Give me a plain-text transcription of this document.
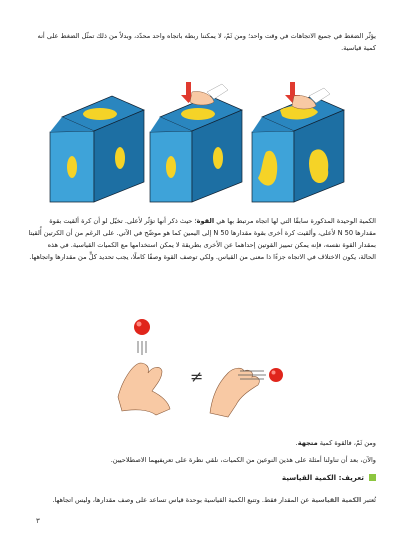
يؤثّر الضغط في جميع الاتجاهات في وقت واحد؛ ومن ثَمّ، لا يمكننا ربطه باتجاه واحد محدّد، وبدلاً من ذلك تمثّل الضغط على أنه كمية قياسية.

الكمية الوحيدة المذكورة سابقًا التي لها اتجاه مرتبط بها هي القوة؛ حيث ذكر أنها تؤثّر لأعلى. تخيّل لو أن كرة ألقيت بقوة مقدارها 50 N لأعلى، وألقيت كرة أخرى بقوة مقدارها 50 N إلى اليمين كما هو موضّح في الآتي. على الرغم من أن الكرتين أُلقيتا بمقدار القوة نفسه، فإنه يمكن تمييز القوتين إحداهما عن الأخرى بطريقة لا يمكن استخدامها مع الكميات القياسية. في هذه الحالة، يكون الاختلاف في الاتجاه جزءًا ذا معنى من القياس. ولكي توصف القوة وصفًا كاملًا، يجب تحديد كلٍّ من مقدارها واتجاهها.

≠

ومن ثَمّ، فالقوة كمية متجهة.

والآن، بعد أن تناولنا أمثلة على هذين النوعين من الكميات، نلقي نظرة على تعريفيهما الاصطلاحيين.

تعريف: الكمية القياسية

تُعتبر الكمية القياسية عن المقدار فقط. وتتبع الكمية القياسية بوحدة قياس تساعد على وصف مقدارها، وليس اتجاهها.

٣
